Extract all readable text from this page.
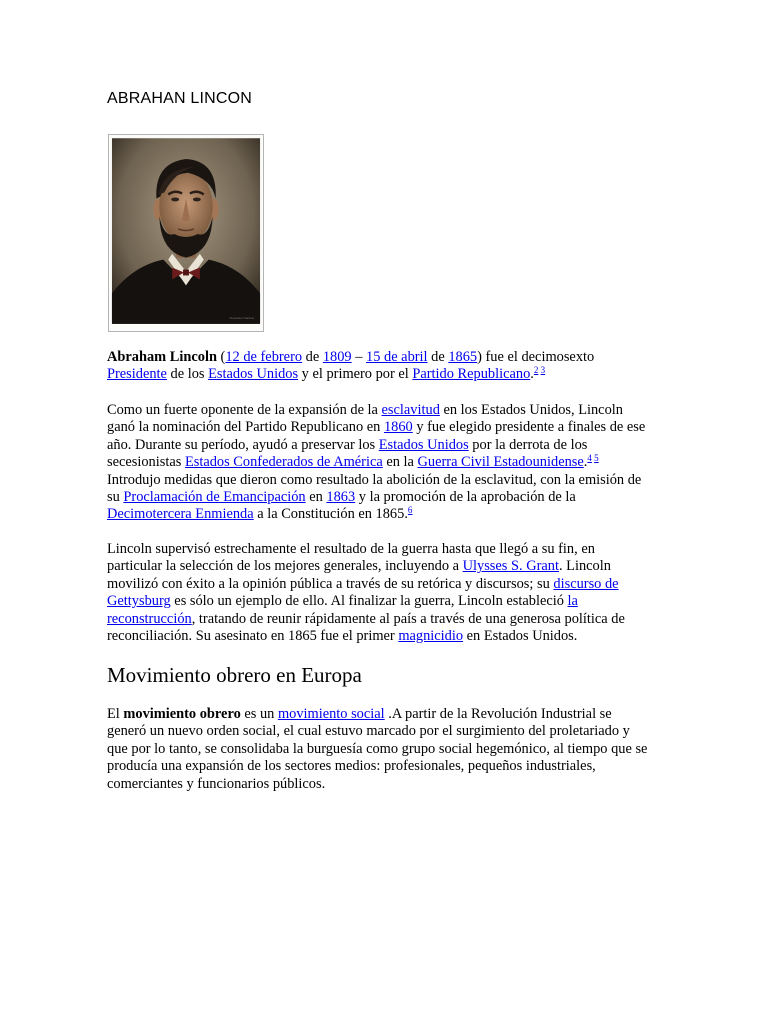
ABRAHAN LINCON
Alexander Gardner

Abraham Lincoln (12 de febrero de 1809 – 15 de abril de 1865) fue el decimosexto Presidente de los Estados Unidos y el primero por el Partido Republicano.$^{2 3}$

Como un fuerte oponente de la expansión de la esclavitud en los Estados Unidos, Lincoln ganó la nominación del Partido Republicano en 1860 y fue elegido presidente a finales de ese año. Durante su período, ayudó a preservar los Estados Unidos por la derrota de los secesionistas Estados Confederados de América en la Guerra Civil Estadounidense.$^{4 5}$ Introdujo medidas que dieron como resultado la abolición de la esclavitud, con la emisión de su Proclamación de Emancipación en 1863 y la promoción de la aprobación de la Decimotercera Enmienda a la Constitución en 1865.$^6$

Lincoln supervisó estrechamente el resultado de la guerra hasta que llegó a su fin, en particular la selección de los mejores generales, incluyendo a Ulysses S. Grant. Lincoln movilizó con éxito a la opinión pública a través de su retórica y discursos; su discurso de Gettysburg es sólo un ejemplo de ello. Al finalizar la guerra, Lincoln estableció la reconstrucción, tratando de reunir rápidamente al país a través de una generosa política de reconciliación. Su asesinato en 1865 fue el primer magnicidio en Estados Unidos.

Movimiento obrero en Europa

El movimiento obrero es un movimiento social .A partir de la Revolución Industrial se generó un nuevo orden social, el cual estuvo marcado por el surgimiento del proletariado y que por lo tanto, se consolidaba la burguesía como grupo social hegemónico, al tiempo que se producía una expansión de los sectores medios: profesionales, pequeños industriales, comerciantes y funcionarios públicos.
